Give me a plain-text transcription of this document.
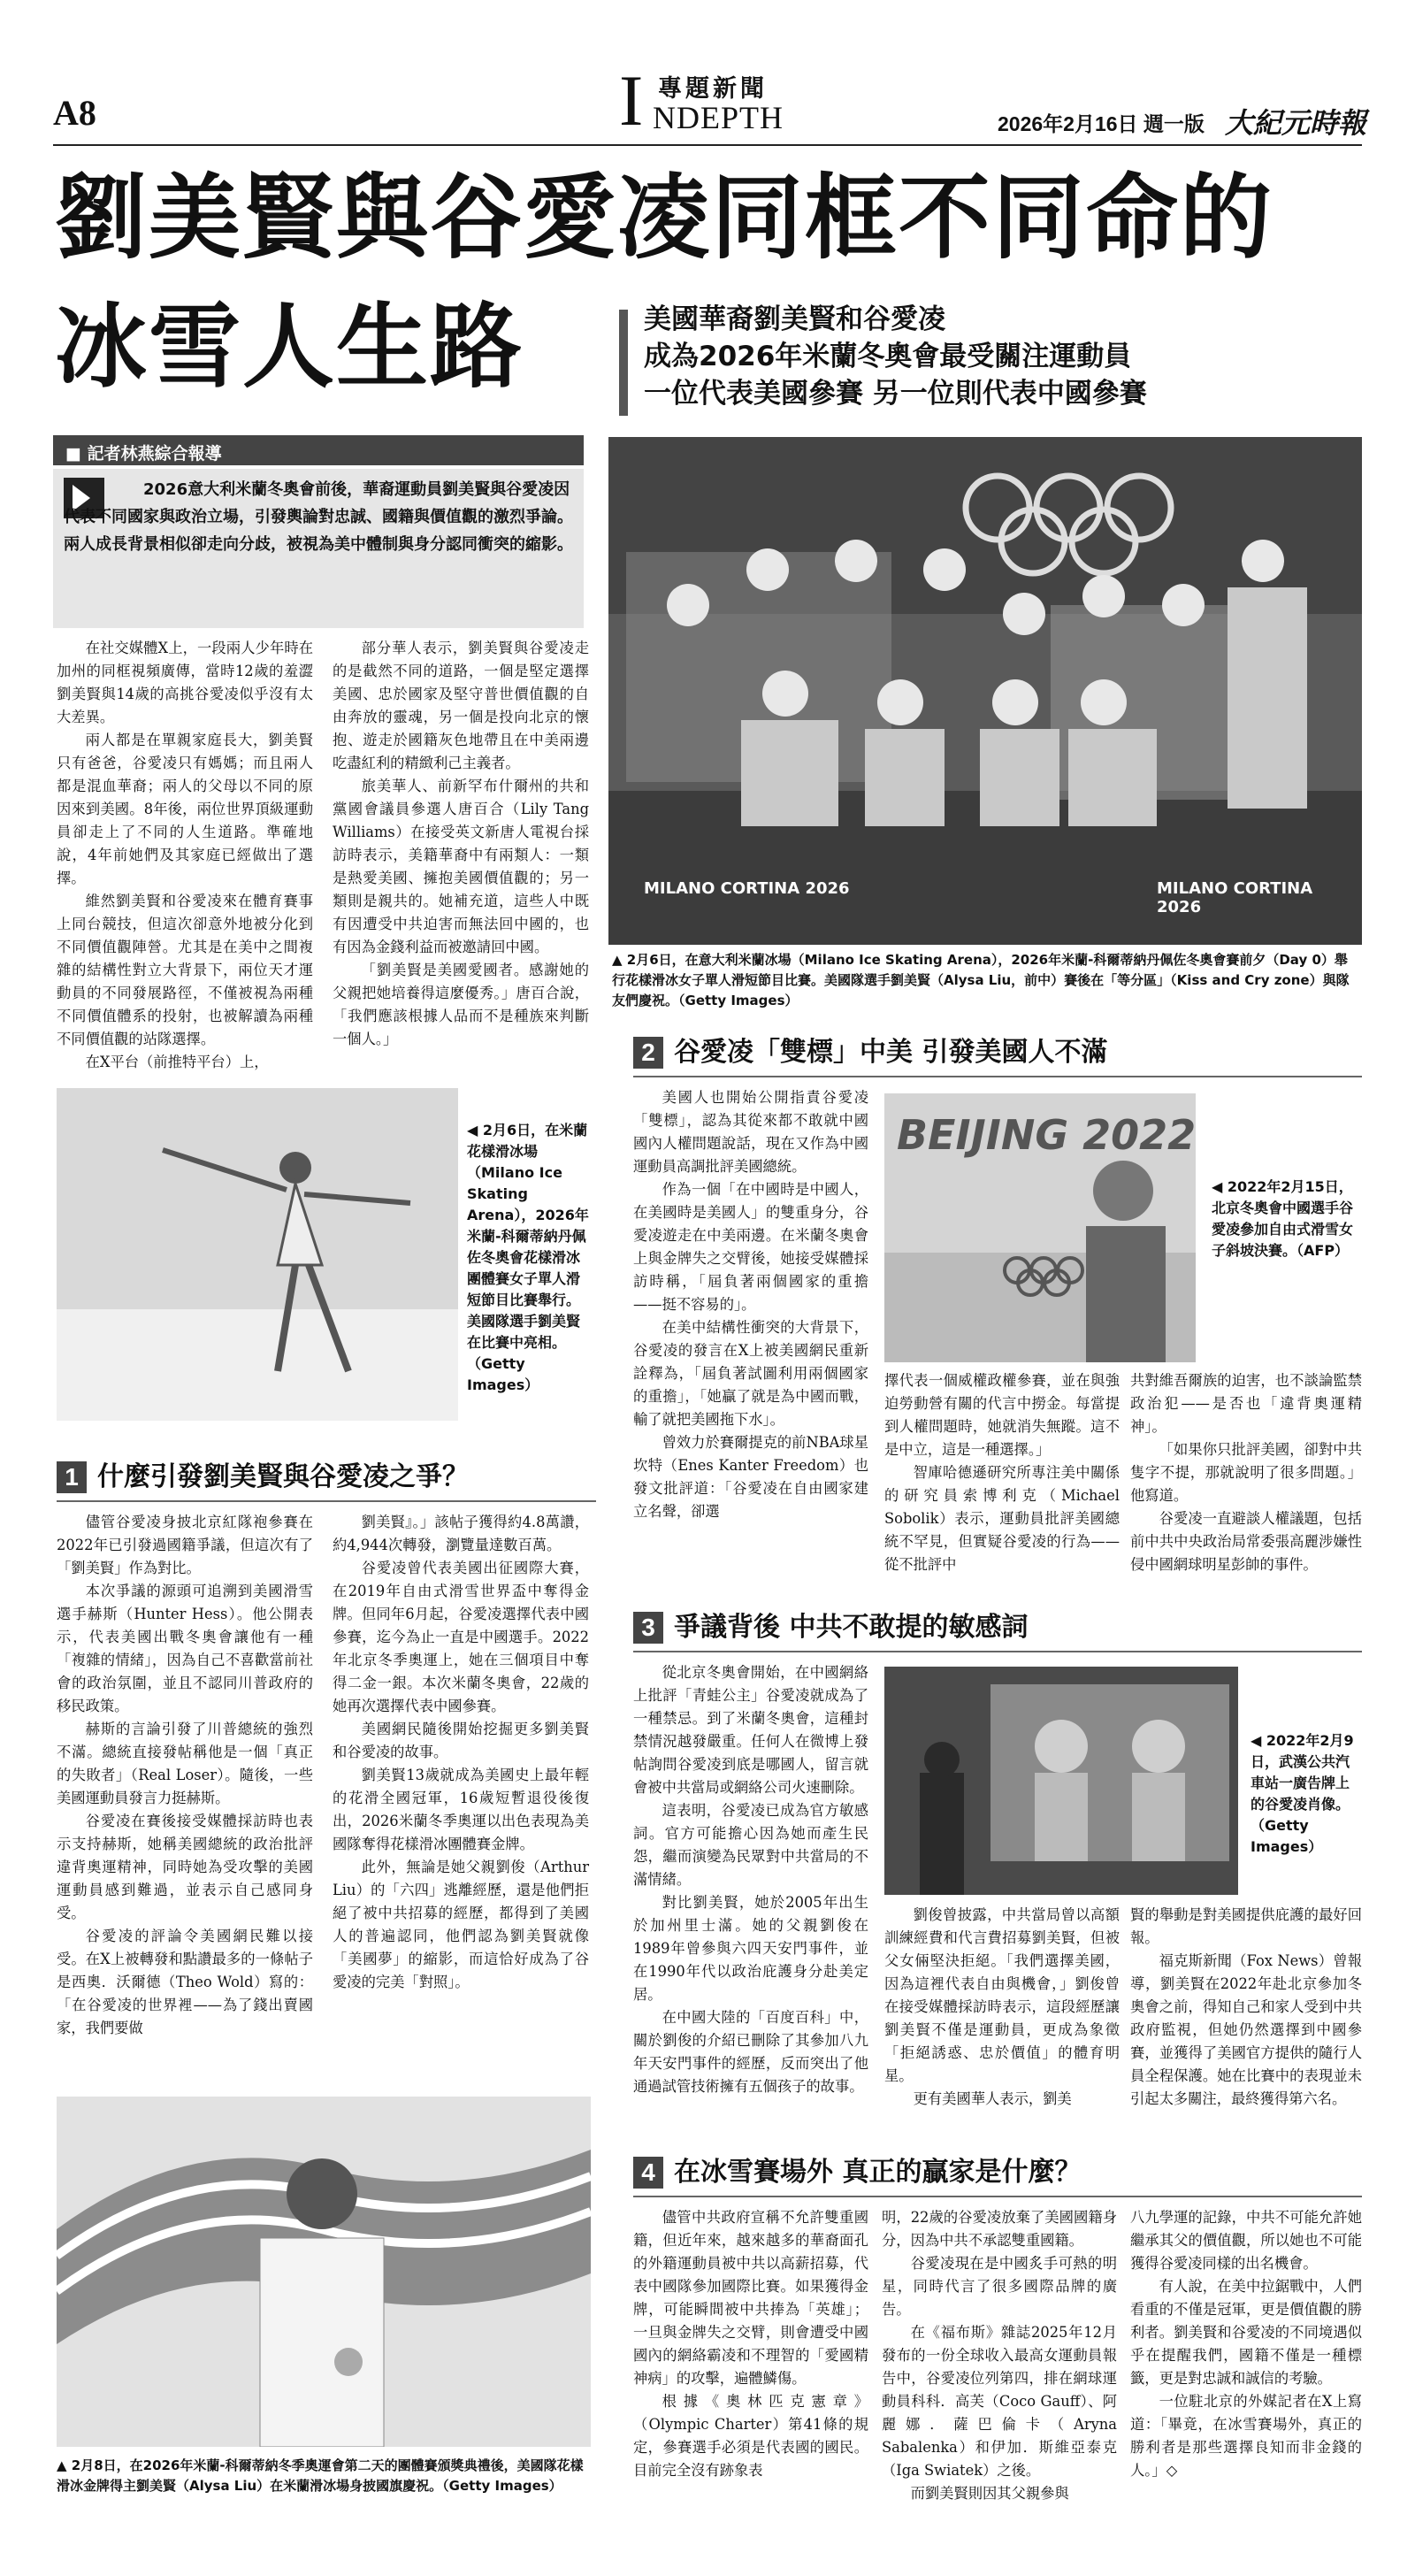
A8	I 專題新聞
NDEPTH	2026年2月16日 週一版 大紀元時報
劉美賢與谷愛凌同框不同命的
冰雪人生路	美國華裔劉美賢和谷愛凌
成為2026年米蘭冬奧會最受關注運動員
一位代表美國參賽 另一位則代表中國參賽
■ 記者林燕綜合報導
2026意大利米蘭冬奧會前後，華裔運動員劉美賢與谷愛凌因代表不同國家與政治立場，引發輿論對忠誠、國籍與價值觀的激烈爭論。兩人成長背景相似卻走向分歧，被視為美中體制與身分認同衝突的縮影。

在社交媒體X上，一段兩人少年時在加州的同框視頻廣傳，當時12歲的羞澀劉美賢與14歲的高挑谷愛凌似乎沒有太大差異。

兩人都是在單親家庭長大，劉美賢只有爸爸，谷愛凌只有媽媽；而且兩人都是混血華裔；兩人的父母以不同的原因來到美國。8年後，兩位世界頂級運動員卻走上了不同的人生道路。準確地說，4年前她們及其家庭已經做出了選擇。

維然劉美賢和谷愛凌來在體育賽事上同台競技，但這次卻意外地被分化到不同價值觀陣營。尤其是在美中之間複雜的結構性對立大背景下，兩位天才運動員的不同發展路徑，不僅被視為兩種不同價值體系的投射，也被解讀為兩種不同價值觀的站隊選擇。

在X平台（前推特平台）上，

部分華人表示，劉美賢與谷愛凌走的是截然不同的道路，一個是堅定選擇美國、忠於國家及堅守普世價值觀的自由奔放的靈魂，另一個是投向北京的懷抱、遊走於國籍灰色地帶且在中美兩邊吃盡紅利的精緻利己主義者。

旅美華人、前新罕布什爾州的共和黨國會議員參選人唐百合（Lily Tang Williams）在接受英文新唐人電視台採訪時表示，美籍華裔中有兩類人：一類是熱愛美國、擁抱美國價值觀的；另一類則是親共的。她補充道，這些人中既有因遭受中共迫害而無法回中國的，也有因為金錢利益而被邀請回中國。

「劉美賢是美國愛國者。感謝她的父親把她培養得這麼優秀。」唐百合說，「我們應該根據人品而不是種族來判斷一個人。」

MILANO CORTINA 2026	MILANO CORTINA 2026
▲ 2月6日，在意大利米蘭冰場（Milano Ice Skating Arena），2026年米蘭-科爾蒂納丹佩佐冬奧會賽前夕（Day 0）舉行花樣滑冰女子單人滑短節目比賽。美國隊選手劉美賢（Alysa Liu，前中）賽後在「等分區」（Kiss and Cry zone）與隊友們慶祝。（Getty Images）
◀ 2月6日，在米蘭花樣滑冰場（Milano Ice Skating Arena），2026年米蘭-科爾蒂納丹佩佐冬奧會花樣滑冰團體賽女子單人滑短節目比賽舉行。美國隊選手劉美賢在比賽中亮相。（Getty Images）
1 什麼引發劉美賢與谷愛凌之爭？

儘管谷愛凌身披北京紅隊袍參賽在2022年已引發過國籍爭議，但這次有了「劉美賢」作為對比。

本次爭議的源頭可追溯到美國滑雪選手赫斯（Hunter Hess）。他公開表示，代表美國出戰冬奧會讓他有一種「複雜的情緒」，因為自己不喜歡當前社會的政治氛圍，並且不認同川普政府的移民政策。

赫斯的言論引發了川普總統的強烈不滿。總統直接發帖稱他是一個「真正的失敗者」（Real Loser）。隨後，一些美國運動員發言力挺赫斯。

谷愛凌在賽後接受媒體採訪時也表示支持赫斯，她稱美國總統的政治批評違背奧運精神，同時她為受攻擊的美國運動員感到難過，並表示自己感同身受。

谷愛凌的評論令美國網民難以接受。在X上被轉發和點讚最多的一條帖子是西奧．沃爾德（Theo Wold）寫的：「在谷愛凌的世界裡——為了錢出賣國家，我們要做

劉美賢』。」該帖子獲得約4.8萬讚，約4,944次轉發，瀏覽量達數百萬。

谷愛凌曾代表美國出征國際大賽，在2019年自由式滑雪世界盃中奪得金牌。但同年6月起，谷愛凌選擇代表中國參賽，迄今為止一直是中國選手。2022年北京冬季奧運上，她在三個項目中奪得二金一銀。本次米蘭冬奧會，22歲的她再次選擇代表中國參賽。

美國網民隨後開始挖掘更多劉美賢和谷愛凌的故事。

劉美賢13歲就成為美國史上最年輕的花滑全國冠軍，16歲短暫退役後復出，2026米蘭冬季奧運以出色表現為美國隊奪得花樣滑冰團體賽金牌。

此外，無論是她父親劉俊（Arthur Liu）的「六四」逃離經歷，還是他們拒絕了被中共招募的經歷，都得到了美國人的普遍認同，他們認為劉美賢就像「美國夢」的縮影，而這恰好成為了谷愛凌的完美「對照」。

▲ 2月8日，在2026年米蘭-科爾蒂納冬季奧運會第二天的團體賽頒獎典禮後，美國隊花樣滑冰金牌得主劉美賢（Alysa Liu）在米蘭滑冰場身披國旗慶祝。（Getty Images）
2 谷愛凌「雙標」中美 引發美國人不滿

美國人也開始公開指責谷愛凌「雙標」，認為其從來都不敢就中國國內人權問題說話，現在又作為中國運動員高調批評美國總統。

作為一個「在中國時是中國人，在美國時是美國人」的雙重身分，谷愛凌遊走在中美兩邊。在米蘭冬奧會上與金牌失之交臂後，她接受媒體採訪時稱，「屆負著兩個國家的重擔——挺不容易的」。

在美中結構性衝突的大背景下，谷愛凌的發言在X上被美國網民重新詮釋為，「屆負著試圖利用兩個國家的重擔」，「她贏了就是為中國而戰，輸了就把美國拖下水」。

曾效力於賽爾提克的前NBA球星坎特（Enes Kanter Freedom）也發文批評道：「谷愛凌在自由國家建立名聲，卻選

BEIJING 2022
◀ 2022年2月15日，北京冬奧會中國選手谷愛凌參加自由式滑雪女子斜坡決賽。（AFP）

擇代表一個威權政權參賽，並在與強迫勞動營有關的代言中撈金。每當提到人權問題時，她就消失無蹤。這不是中立，這是一種選擇。」

智庫哈德遜研究所專注美中關係的研究員索博利克（Michael Sobolik）表示，運動員批評美國總統不罕見，但實疑谷愛凌的行為——從不批評中

共對維吾爾族的迫害，也不談論監禁政治犯——是否也「違背奧運精神」。

「如果你只批評美國，卻對中共隻字不提，那就說明了很多問題。」他寫道。

谷愛凌一直避談人權議題，包括前中共中央政治局常委張高麗涉嫌性侵中國網球明星彭帥的事件。

3 爭議背後 中共不敢提的敏感詞

從北京冬奧會開始，在中國網絡上批評「青蛙公主」谷愛凌就成為了一種禁忌。到了米蘭冬奧會，這種封禁情況越發嚴重。任何人在微博上發帖詢問谷愛凌到底是哪國人，留言就會被中共當局或網絡公司火速刪除。

這表明，谷愛凌已成為官方敏感詞。官方可能擔心因為她而產生民怨，繼而演變為民眾對中共當局的不滿情緒。

對比劉美賢，她於2005年出生於加州里士滿。她的父親劉俊在1989年曾參與六四天安門事件，並在1990年代以政治庇護身分赴美定居。

在中國大陸的「百度百科」中，關於劉俊的介紹已刪除了其參加八九年天安門事件的經歷，反而突出了他通過試管技術擁有五個孩子的故事。

◀ 2022年2月9日，武漢公共汽車站一廣告牌上的谷愛凌肖像。（Getty Images）

劉俊曾披露，中共當局曾以高額訓練經費和代言費招募劉美賢，但被父女倆堅決拒絕。「我們選擇美國，因為這裡代表自由與機會，」劉俊曾在接受媒體採訪時表示，這段經歷讓劉美賢不僅是運動員，更成為象徵「拒絕誘惑、忠於價值」的體育明星。

更有美國華人表示，劉美

賢的舉動是對美國提供庇護的最好回報。

福克斯新聞（Fox News）曾報導，劉美賢在2022年赴北京參加冬奧會之前，得知自己和家人受到中共政府監視，但她仍然選擇到中國參賽，並獲得了美國官方提供的隨行人員全程保護。她在比賽中的表現並未引起太多關注，最終獲得第六名。

4 在冰雪賽場外 真正的贏家是什麼？

儘管中共政府宣稱不允許雙重國籍，但近年來，越來越多的華裔面孔的外籍運動員被中共以高薪招募，代表中國隊參加國際比賽。如果獲得金牌，可能瞬間被中共捧為「英雄」；一旦與金牌失之交臂，則會遭受中國國內的網絡霸凌和不理智的「愛國精神病」的攻擊，遍體鱗傷。

根據《奧林匹克憲章》（Olympic Charter）第41條的規定，參賽選手必須是代表國的國民。目前完全沒有跡象表

明，22歲的谷愛凌放棄了美國國籍身分，因為中共不承認雙重國籍。

谷愛凌現在是中國炙手可熱的明星，同時代言了很多國際品牌的廣告。

在《福布斯》雜誌2025年12月發布的一份全球收入最高女運動員報告中，谷愛凌位列第四，排在網球運動員科科．高芙（Coco Gauff）、阿麗娜．薩巴倫卡（Aryna Sabalenka）和伊加．斯維亞泰克（Iga Swiatek）之後。

而劉美賢則因其父親參與

八九學運的記錄，中共不可能允許她繼承其父的價值觀，所以她也不可能獲得谷愛凌同樣的出名機會。

有人說，在美中拉鋸戰中，人們看重的不僅是冠軍，更是價值觀的勝利者。劉美賢和谷愛凌的不同境遇似乎在提醒我們，國籍不僅是一種標籤，更是對忠誠和誠信的考驗。

一位駐北京的外媒記者在X上寫道：「畢竟，在冰雪賽場外，真正的勝利者是那些選擇良知而非金錢的人。」◇
